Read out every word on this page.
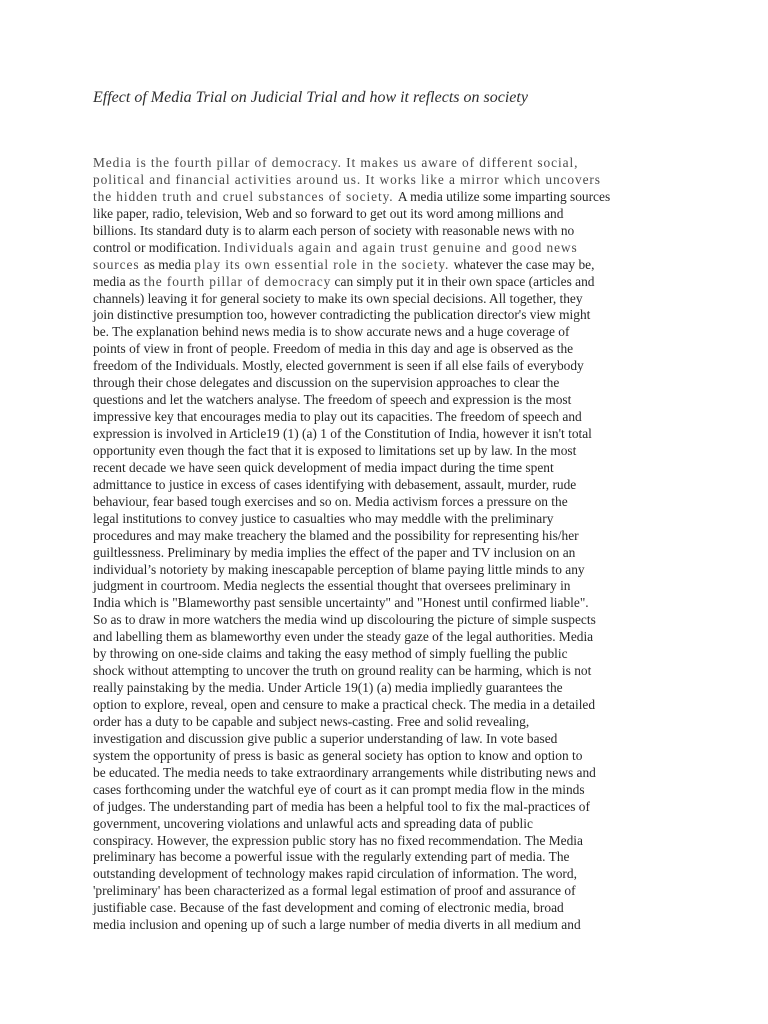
Effect of Media Trial on Judicial Trial and how it reflects on society
Media is the fourth pillar of democracy. It makes us aware of different social,
political and financial activities around us. It works like a mirror which uncovers
the hidden truth and cruel substances of society. A media utilize some imparting sources
like paper, radio, television, Web and so forward to get out its word among millions and
billions. Its standard duty is to alarm each person of society with reasonable news with no
control or modification. Individuals again and again trust genuine and good news
sources as media play its own essential role in the society. whatever the case may be,
media as the fourth pillar of democracy can simply put it in their own space (articles and
channels) leaving it for general society to make its own special decisions. All together, they
join distinctive presumption too, however contradicting the publication director's view might
be. The explanation behind news media is to show accurate news and a huge coverage of
points of view in front of people. Freedom of media in this day and age is observed as the
freedom of the Individuals. Mostly, elected government is seen if all else fails of everybody
through their chose delegates and discussion on the supervision approaches to clear the
questions and let the watchers analyse. The freedom of speech and expression is the most
impressive key that encourages media to play out its capacities. The freedom of speech and
expression is involved in Article19 (1) (a) 1 of the Constitution of India, however it isn't total
opportunity even though the fact that it is exposed to limitations set up by law. In the most
recent decade we have seen quick development of media impact during the time spent
admittance to justice in excess of cases identifying with debasement, assault, murder, rude
behaviour, fear based tough exercises and so on. Media activism forces a pressure on the
legal institutions to convey justice to casualties who may meddle with the preliminary
procedures and may make treachery the blamed and the possibility for representing his/her
guiltlessness. Preliminary by media implies the effect of the paper and TV inclusion on an
individual’s notoriety by making inescapable perception of blame paying little minds to any
judgment in courtroom. Media neglects the essential thought that oversees preliminary in
India which is "Blameworthy past sensible uncertainty" and "Honest until confirmed liable".
So as to draw in more watchers the media wind up discolouring the picture of simple suspects
and labelling them as blameworthy even under the steady gaze of the legal authorities. Media
by throwing on one-side claims and taking the easy method of simply fuelling the public
shock without attempting to uncover the truth on ground reality can be harming, which is not
really painstaking by the media. Under Article 19(1) (a) media impliedly guarantees the
option to explore, reveal, open and censure to make a practical check. The media in a detailed
order has a duty to be capable and subject news-casting. Free and solid revealing,
investigation and discussion give public a superior understanding of law. In vote based
system the opportunity of press is basic as general society has option to know and option to
be educated. The media needs to take extraordinary arrangements while distributing news and
cases forthcoming under the watchful eye of court as it can prompt media flow in the minds
of judges. The understanding part of media has been a helpful tool to fix the mal-practices of
government, uncovering violations and unlawful acts and spreading data of public
conspiracy. However, the expression public story has no fixed recommendation. The Media
preliminary has become a powerful issue with the regularly extending part of media. The
outstanding development of technology makes rapid circulation of information. The word,
'preliminary' has been characterized as a formal legal estimation of proof and assurance of
justifiable case. Because of the fast development and coming of electronic media, broad
media inclusion and opening up of such a large number of media diverts in all medium and
